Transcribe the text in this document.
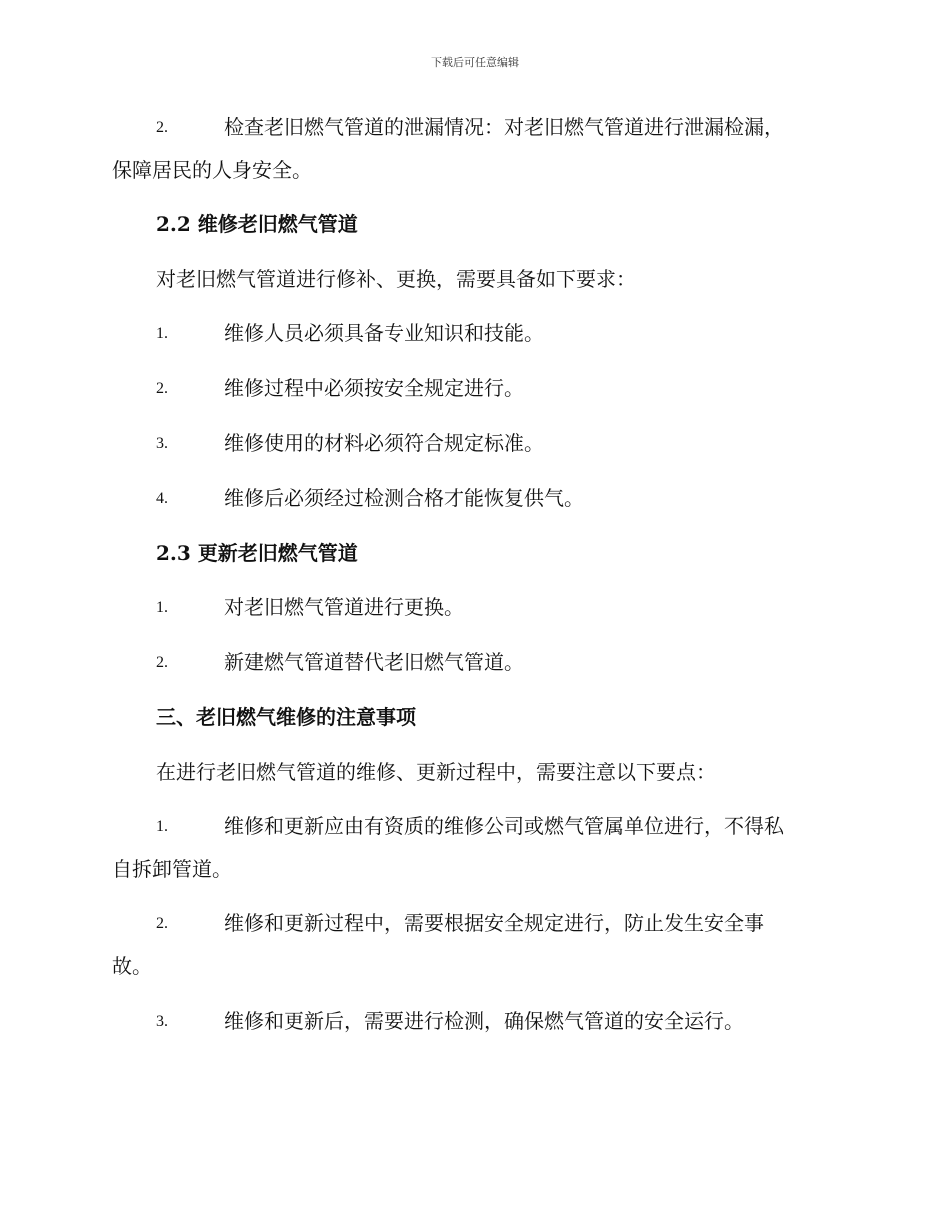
下载后可任意编辑
2.	检查老旧燃气管道的泄漏情况：对老旧燃气管道进行泄漏检漏，
保障居民的人身安全。
2.2 维修老旧燃气管道
对老旧燃气管道进行修补、更换，需要具备如下要求：
1.	维修人员必须具备专业知识和技能。
2.	维修过程中必须按安全规定进行。
3.	维修使用的材料必须符合规定标准。
4.	维修后必须经过检测合格才能恢复供气。
2.3 更新老旧燃气管道
1.	对老旧燃气管道进行更换。
2.	新建燃气管道替代老旧燃气管道。
三、老旧燃气维修的注意事项
在进行老旧燃气管道的维修、更新过程中，需要注意以下要点：
1.	维修和更新应由有资质的维修公司或燃气管属单位进行，不得私
自拆卸管道。
2.	维修和更新过程中，需要根据安全规定进行，防止发生安全事
故。
3.	维修和更新后，需要进行检测，确保燃气管道的安全运行。
